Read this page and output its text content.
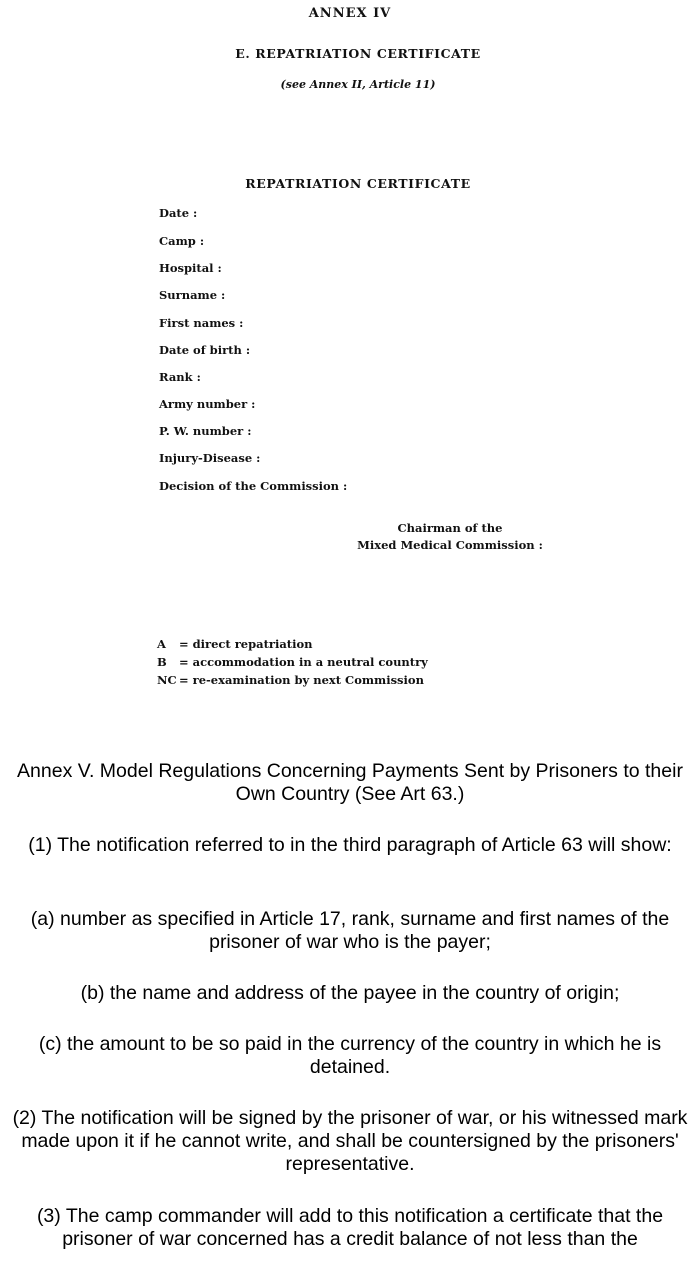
ANNEX IV
E. REPATRIATION CERTIFICATE
(see Annex II, Article 11)
REPATRIATION CERTIFICATE
Date :
Camp :
Hospital :
Surname :
First names :
Date of birth :
Rank :
Army number :
P. W. number :
Injury-Disease :
Decision of the Commission :
Chairman of the
Mixed Medical Commission :
A = direct repatriation
B = accommodation in a neutral country
NC = re-examination by next Commission

Annex V. Model Regulations Concerning Payments Sent by Prisoners to their Own Country (See Art 63.)

(1) The notification referred to in the third paragraph of Article 63 will show:

(a) number as specified in Article 17, rank, surname and first names of the prisoner of war who is the payer;

(b) the name and address of the payee in the country of origin;

(c) the amount to be so paid in the currency of the country in which he is detained.

(2) The notification will be signed by the prisoner of war, or his witnessed mark made upon it if he cannot write, and shall be countersigned by the prisoners' representative.

(3) The camp commander will add to this notification a certificate that the prisoner of war concerned has a credit balance of not less than the
